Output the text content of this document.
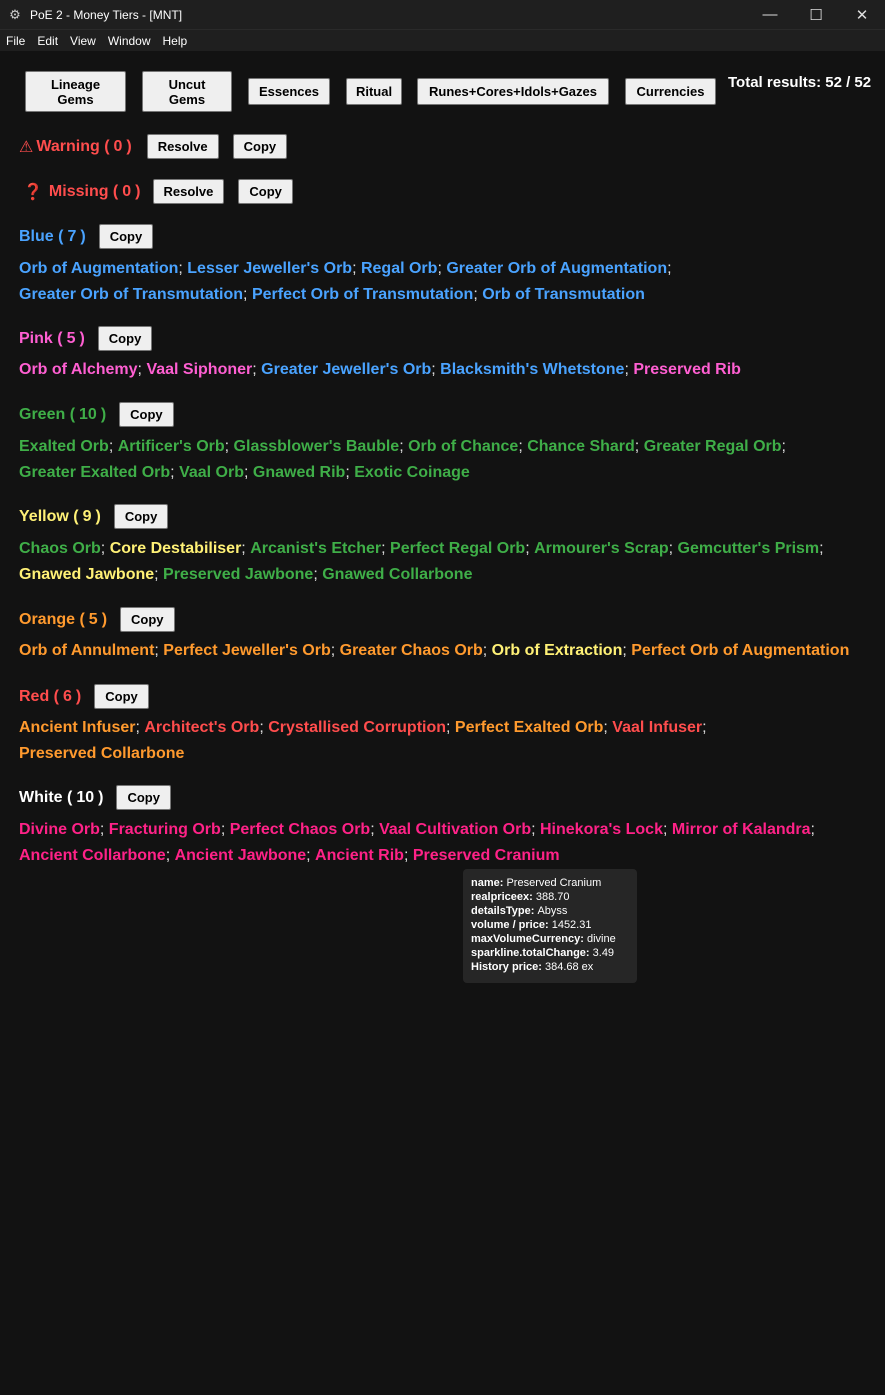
⚙ PoE 2 - Money Tiers - [MNT]	—	☐	✕
File Edit View Window Help
Lineage Gems
Uncut Gems	Essences	Ritual	Runes+Cores+Idols+Gazes	Currencies
Total results: 52 / 52
⚠ Warning ( 0 )	Resolve	Copy
❓ Missing ( 0 )	Resolve	Copy
Blue ( 7 )	Copy
Orb of Augmentation; Lesser Jeweller's Orb; Regal Orb; Greater Orb of Augmentation;
Greater Orb of Transmutation; Perfect Orb of Transmutation; Orb of Transmutation
Pink ( 5 )	Copy
Orb of Alchemy; Vaal Siphoner; Greater Jeweller's Orb; Blacksmith's Whetstone; Preserved Rib
Green ( 10 )	Copy
Exalted Orb; Artificer's Orb; Glassblower's Bauble; Orb of Chance; Chance Shard; Greater Regal Orb;
Greater Exalted Orb; Vaal Orb; Gnawed Rib; Exotic Coinage
Yellow ( 9 )	Copy
Chaos Orb; Core Destabiliser; Arcanist's Etcher; Perfect Regal Orb; Armourer's Scrap; Gemcutter's Prism;
Gnawed Jawbone; Preserved Jawbone; Gnawed Collarbone
Orange ( 5 )	Copy
Orb of Annulment; Perfect Jeweller's Orb; Greater Chaos Orb; Orb of Extraction; Perfect Orb of Augmentation
Red ( 6 )	Copy
Ancient Infuser; Architect's Orb; Crystallised Corruption; Perfect Exalted Orb; Vaal Infuser;
Preserved Collarbone
White ( 10 )	Copy
Divine Orb; Fracturing Orb; Perfect Chaos Orb; Vaal Cultivation Orb; Hinekora's Lock; Mirror of Kalandra;
Ancient Collarbone; Ancient Jawbone; Ancient Rib; Preserved Cranium
name: Preserved Cranium
realpriceex: 388.70
detailsType: Abyss
volume / price: 1452.31
maxVolumeCurrency: divine
sparkline.totalChange: 3.49
History price: 384.68 ex
